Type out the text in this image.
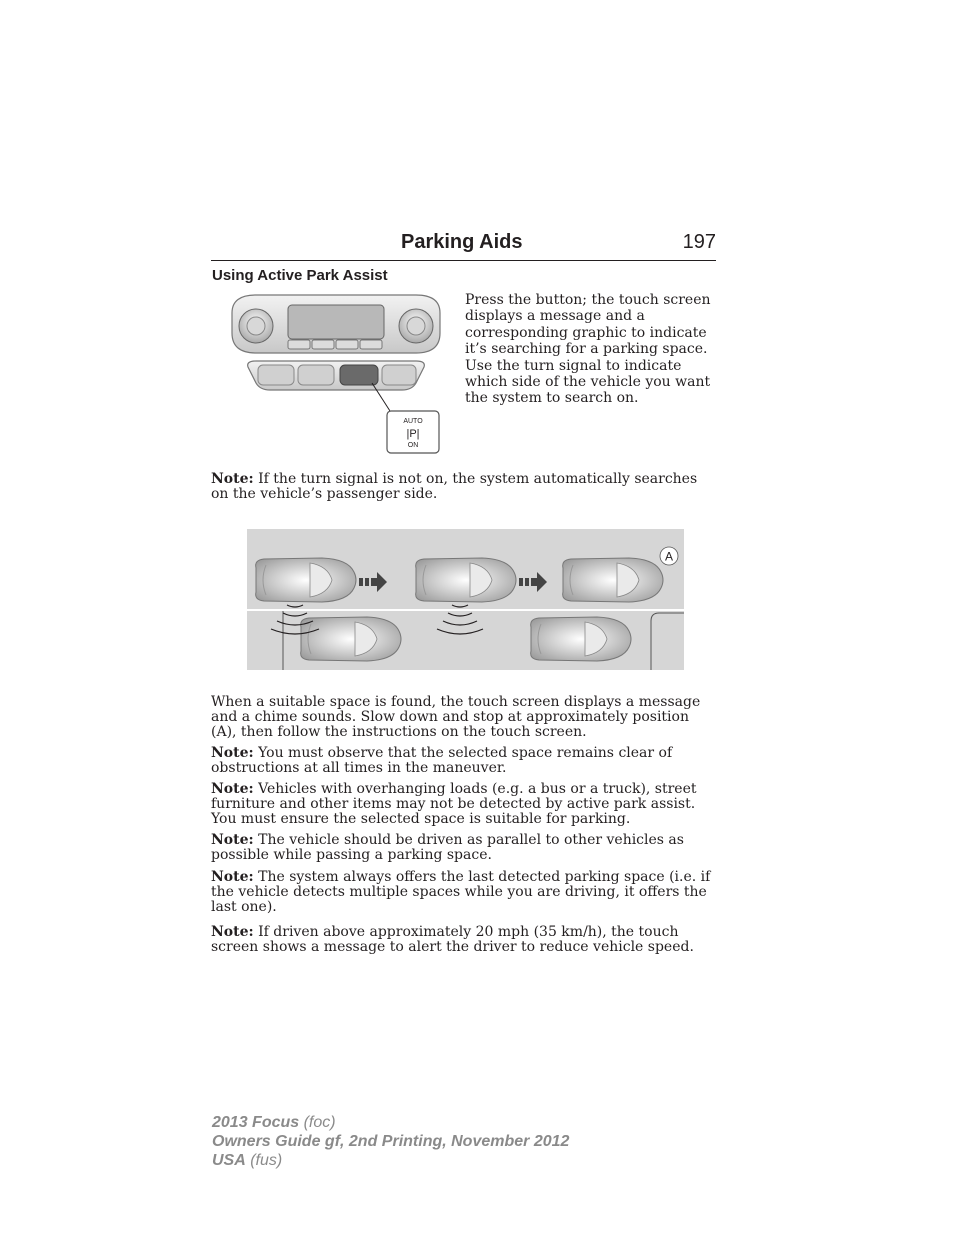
Parking Aids	197
Using Active Park Assist
AUTO
|P|
ON
Press the button; the touch screen displays a message and a corresponding graphic to indicate it’s searching for a parking space. Use the turn signal to indicate which side of the vehicle you want the system to search on.

Note: If the turn signal is not on, the system automatically searches on the vehicle’s passenger side.

A

When a suitable space is found, the touch screen displays a message and a chime sounds. Slow down and stop at approximately position (A), then follow the instructions on the touch screen.

Note: You must observe that the selected space remains clear of obstructions at all times in the maneuver.

Note: Vehicles with overhanging loads (e.g. a bus or a truck), street furniture and other items may not be detected by active park assist. You must ensure the selected space is suitable for parking.

Note: The vehicle should be driven as parallel to other vehicles as possible while passing a parking space.

Note: The system always offers the last detected parking space (i.e. if the vehicle detects multiple spaces while you are driving, it offers the last one).

Note: If driven above approximately 20 mph (35 km/h), the touch screen shows a message to alert the driver to reduce vehicle speed.

2013 Focus (foc)
Owners Guide gf, 2nd Printing, November 2012
USA (fus)
